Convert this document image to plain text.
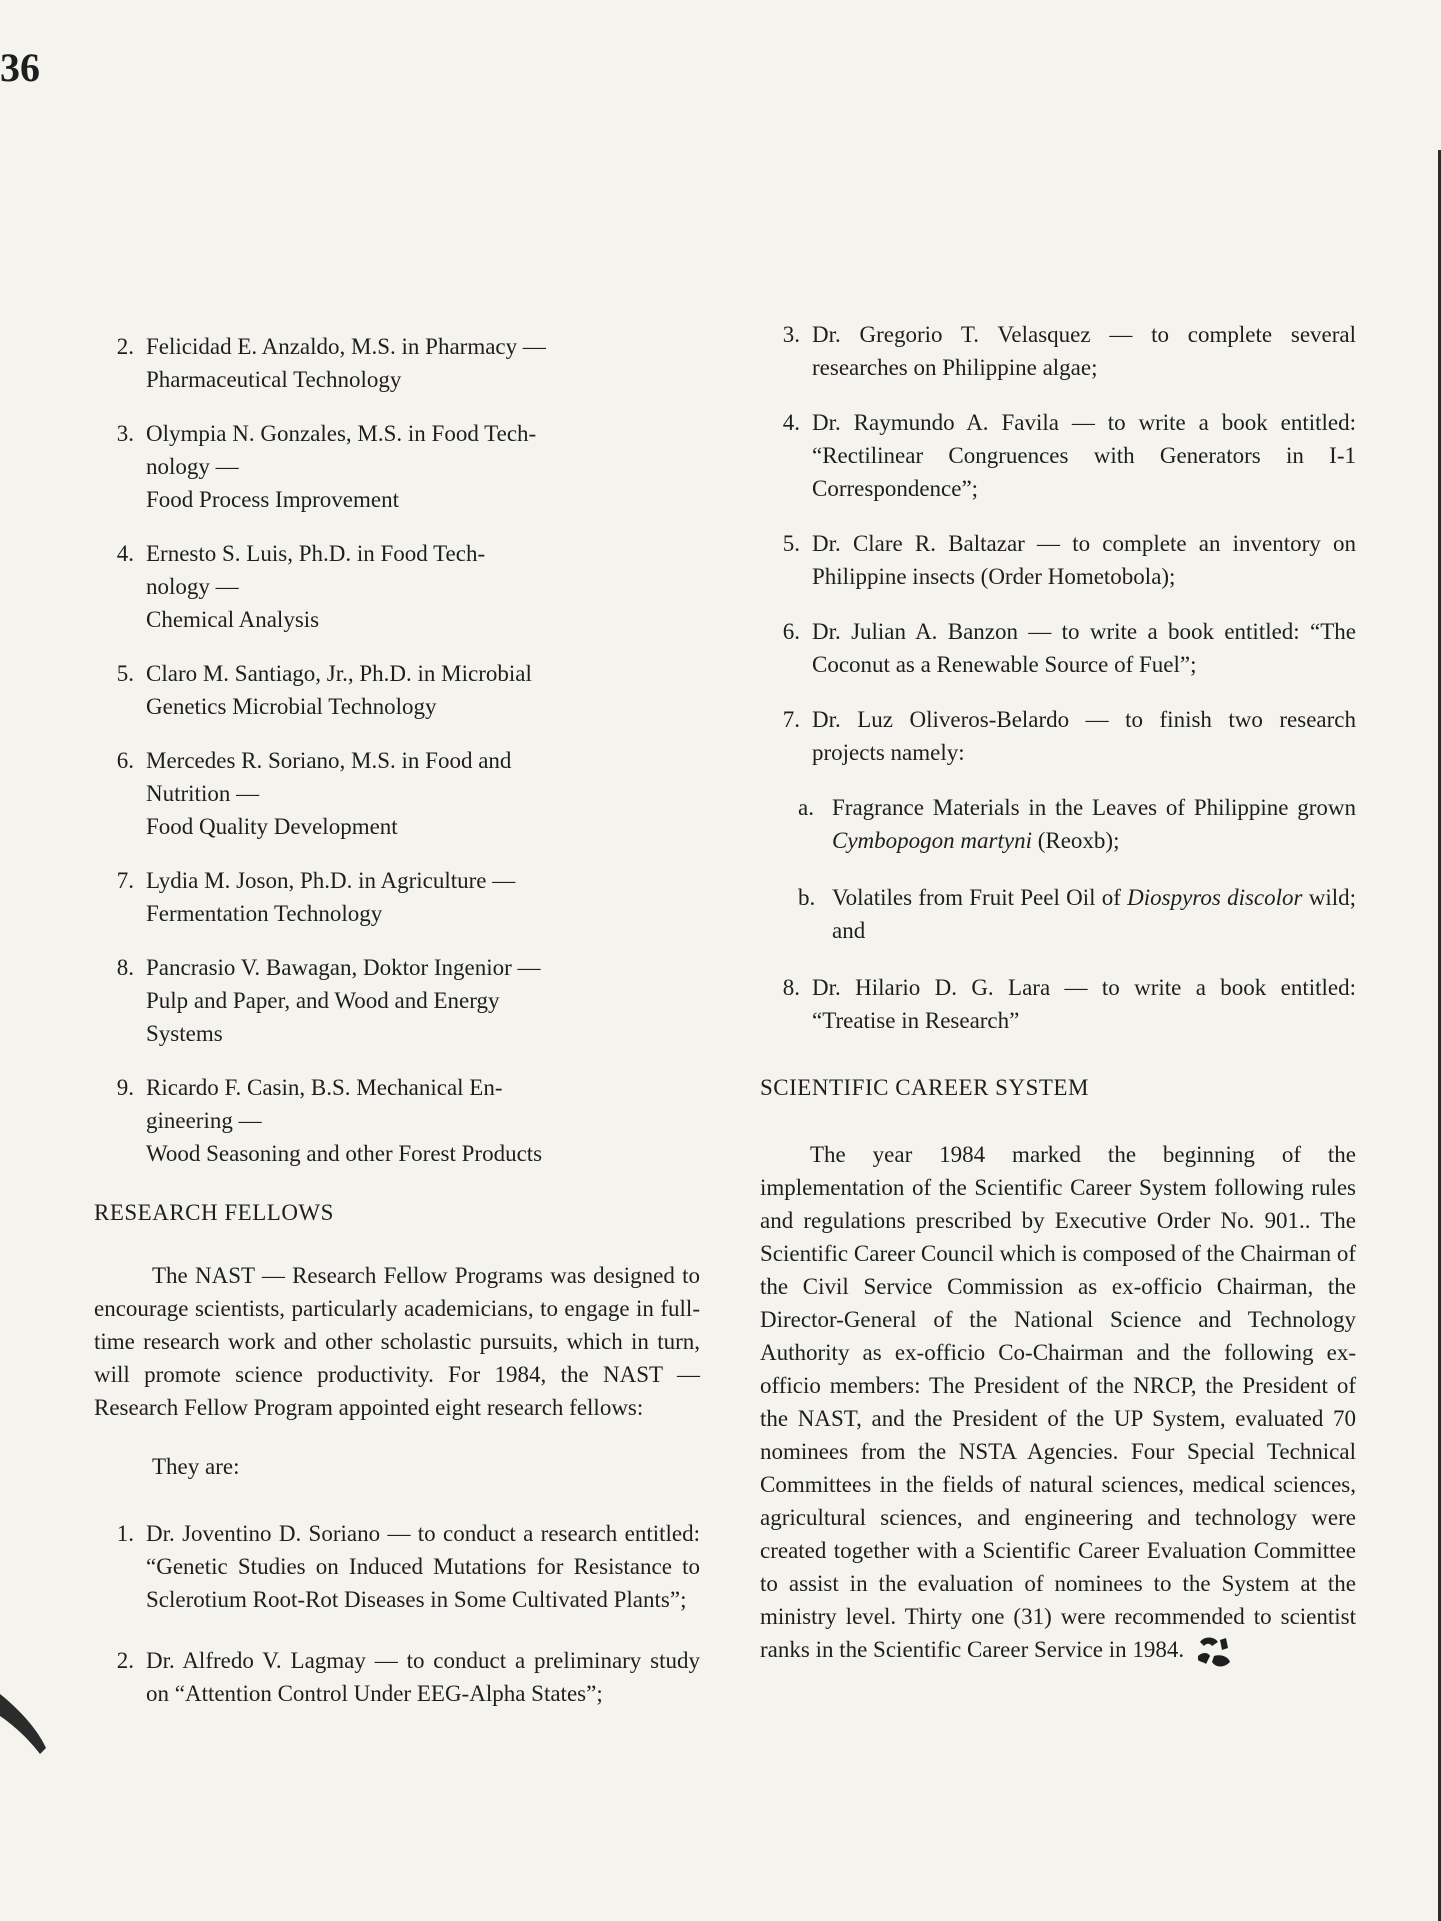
36
2. Felicidad E. Anzaldo, M.S. in Pharmacy —
Pharmaceutical Technology
3. Olympia N. Gonzales, M.S. in Food Tech-
nology —
Food Process Improvement
4. Ernesto S. Luis, Ph.D. in Food Tech-
nology —
Chemical Analysis
5. Claro M. Santiago, Jr., Ph.D. in Microbial
Genetics Microbial Technology
6. Mercedes R. Soriano, M.S. in Food and
Nutrition —
Food Quality Development
7. Lydia M. Joson, Ph.D. in Agriculture —
Fermentation Technology
8. Pancrasio V. Bawagan, Doktor Ingenior —
Pulp and Paper, and Wood and Energy
Systems
9. Ricardo F. Casin, B.S. Mechanical En-
gineering —
Wood Seasoning and other Forest Products
RESEARCH FELLOWS

The NAST — Research Fellow Programs was designed to encourage scientists, particularly academicians, to engage in full-time research work and other scholastic pursuits, which in turn, will promote science productivity. For 1984, the NAST — Research Fellow Program appointed eight research fellows:

They are:
1. Dr. Joventino D. Soriano — to conduct a research entitled: “Genetic Studies on Induced Mutations for Resistance to Sclerotium Root-Rot Diseases in Some Cultivated Plants”;
2. Dr. Alfredo V. Lagmay — to conduct a preliminary study on “Attention Control Under EEG-Alpha States”;
3. Dr. Gregorio T. Velasquez — to complete several researches on Philippine algae;
4. Dr. Raymundo A. Favila — to write a book entitled: “Rectilinear Congruences with Generators in I-1 Correspondence”;
5. Dr. Clare R. Baltazar — to complete an inventory on Philippine insects (Order Hometobola);
6. Dr. Julian A. Banzon — to write a book entitled: “The Coconut as a Renewable Source of Fuel”;
7. Dr. Luz Oliveros-Belardo — to finish two research projects namely:
a. Fragrance Materials in the Leaves of Philippine grown Cymbopogon martyni (Reoxb);
b. Volatiles from Fruit Peel Oil of Diospyros discolor wild; and
8. Dr. Hilario D. G. Lara — to write a book entitled: “Treatise in Research”
SCIENTIFIC CAREER SYSTEM

The year 1984 marked the beginning of the implementation of the Scientific Career System following rules and regulations prescribed by Executive Order No. 901.. The Scientific Career Council which is composed of the Chairman of the Civil Service Commission as ex-officio Chairman, the Director-General of the National Science and Technology Authority as ex-officio Co-Chairman and the following ex-officio members: The President of the NRCP, the President of the NAST, and the President of the UP System, evaluated 70 nominees from the NSTA Agencies. Four Special Technical Committees in the fields of natural sciences, medical sciences, agricultural sciences, and engineering and technology were created together with a Scientific Career Evaluation Committee to assist in the evaluation of nominees to the System at the ministry level. Thirty one (31) were recommended to scientist ranks in the Scientific Career Service in 1984.
